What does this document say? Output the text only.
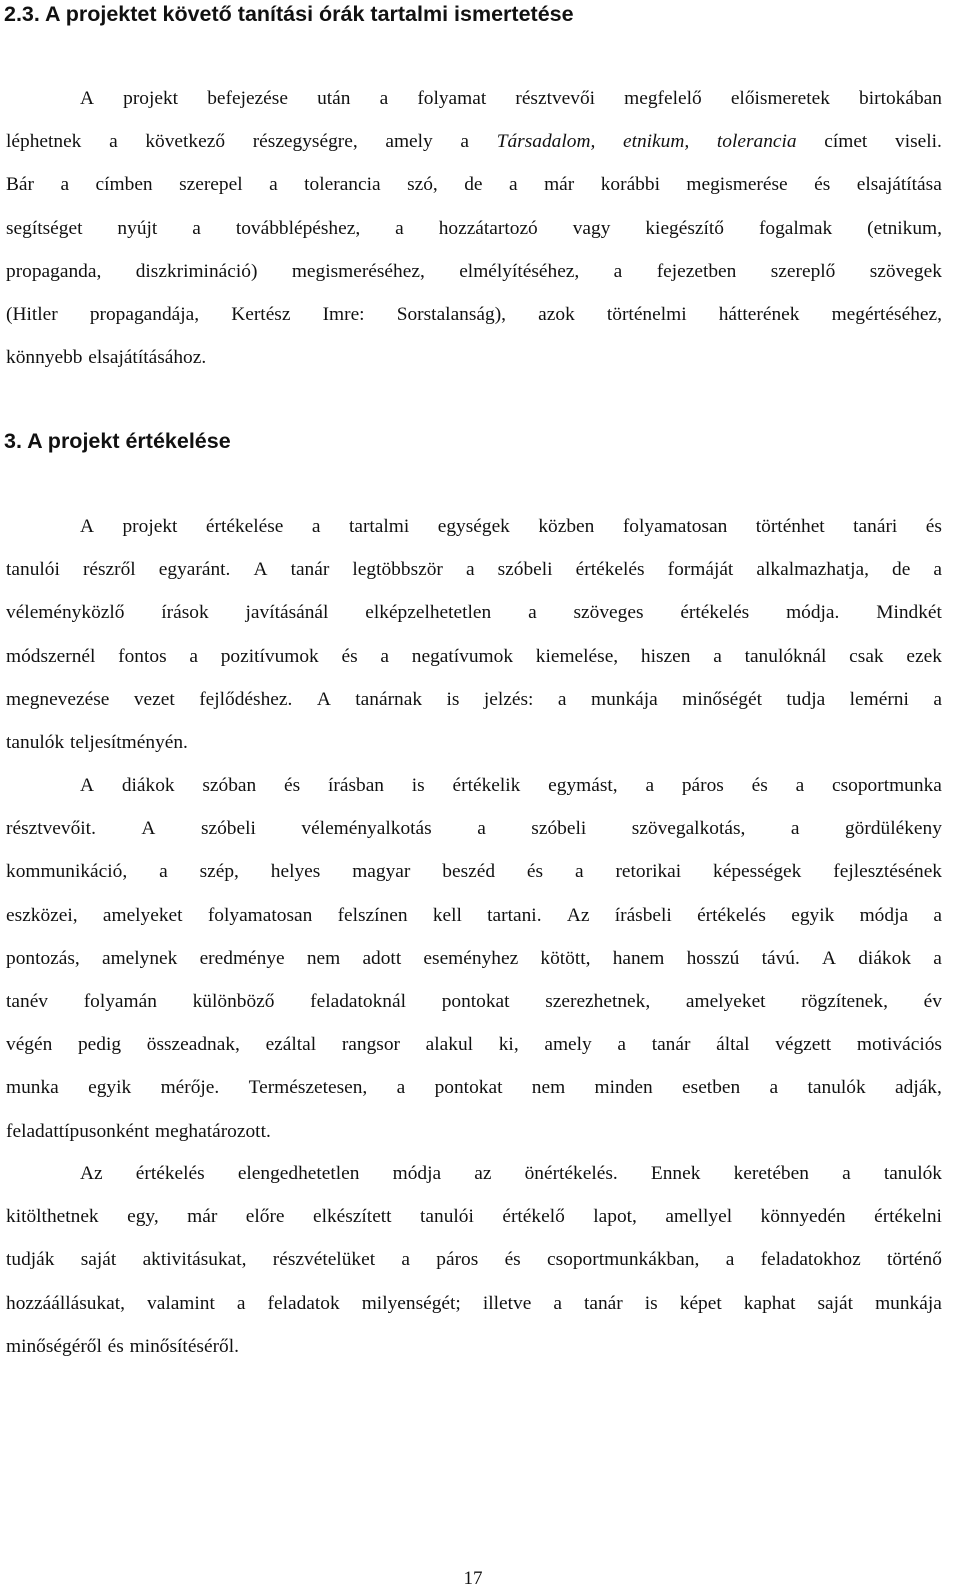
2.3. A projektet követő tanítási órák tartalmi ismertetése
A projekt befejezése után a folyamat résztvevői megfelelő előismeretek birtokában
léphetnek a következő részegységre, amely a Társadalom, etnikum, tolerancia címet viseli.
Bár a címben szerepel a tolerancia szó, de a már korábbi megismerése és elsajátítása
segítséget nyújt a továbblépéshez, a hozzátartozó vagy kiegészítő fogalmak (etnikum,
propaganda, diszkrimináció) megismeréséhez, elmélyítéséhez, a fejezetben szereplő szövegek
(Hitler propagandája, Kertész Imre: Sorstalanság), azok történelmi hátterének megértéséhez,
könnyebb elsajátításához.
3. A projekt értékelése
A projekt értékelése a tartalmi egységek közben folyamatosan történhet tanári és
tanulói részről egyaránt. A tanár legtöbbször a szóbeli értékelés formáját alkalmazhatja, de a
véleményközlő írások javításánál elképzelhetetlen a szöveges értékelés módja. Mindkét
módszernél fontos a pozitívumok és a negatívumok kiemelése, hiszen a tanulóknál csak ezek
megnevezése vezet fejlődéshez. A tanárnak is jelzés: a munkája minőségét tudja lemérni a
tanulók teljesítményén.
A diákok szóban és írásban is értékelik egymást, a páros és a csoportmunka
résztvevőit. A szóbeli véleményalkotás a szóbeli szövegalkotás, a gördülékeny
kommunikáció, a szép, helyes magyar beszéd és a retorikai képességek fejlesztésének
eszközei, amelyeket folyamatosan felszínen kell tartani. Az írásbeli értékelés egyik módja a
pontozás, amelynek eredménye nem adott eseményhez kötött, hanem hosszú távú. A diákok a
tanév folyamán különböző feladatoknál pontokat szerezhetnek, amelyeket rögzítenek, év
végén pedig összeadnak, ezáltal rangsor alakul ki, amely a tanár által végzett motivációs
munka egyik mérője. Természetesen, a pontokat nem minden esetben a tanulók adják,
feladattípusonként meghatározott.
Az értékelés elengedhetetlen módja az önértékelés. Ennek keretében a tanulók
kitölthetnek egy, már előre elkészített tanulói értékelő lapot, amellyel könnyedén értékelni
tudják saját aktivitásukat, részvételüket a páros és csoportmunkákban, a feladatokhoz történő
hozzáállásukat, valamint a feladatok milyenségét; illetve a tanár is képet kaphat saját munkája
minőségéről és minősítéséről.
17
